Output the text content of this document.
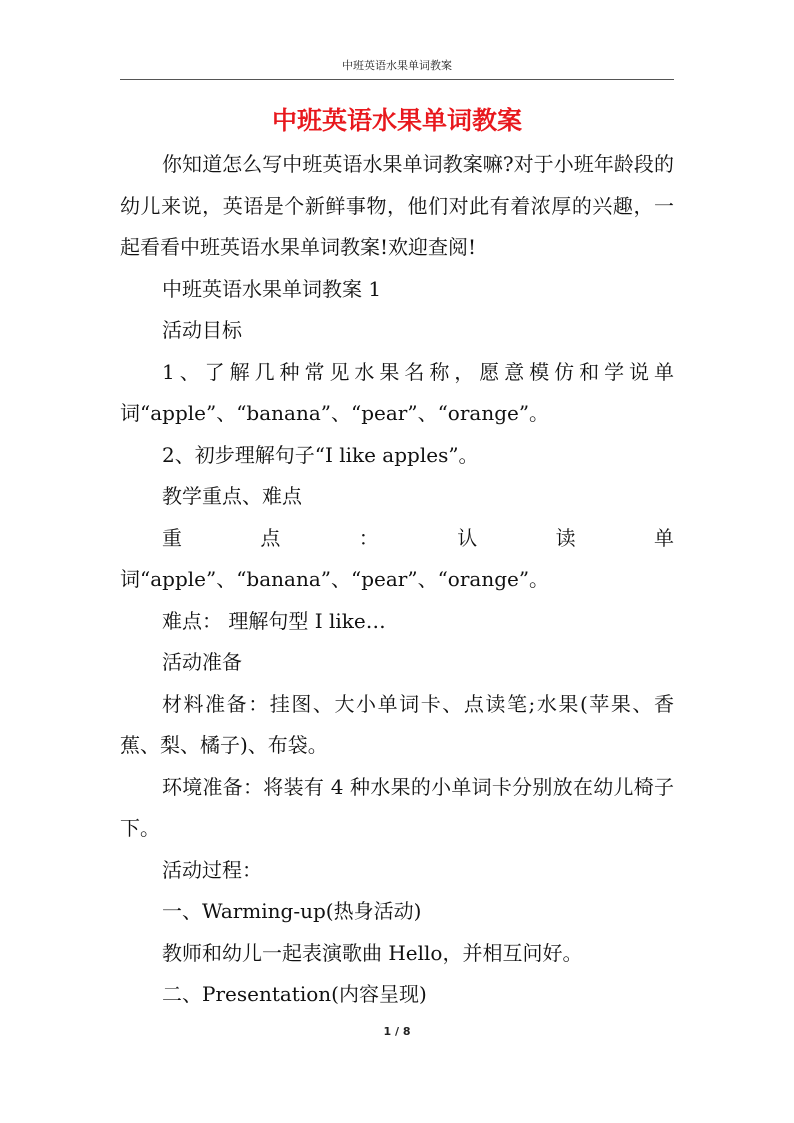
中班英语水果单词教案
中班英语水果单词教案

你知道怎么写中班英语水果单词教案嘛?对于小班年龄段的幼儿来说，英语是个新鲜事物，他们对此有着浓厚的兴趣，一起看看中班英语水果单词教案!欢迎查阅!

中班英语水果单词教案 1

活动目标

1、了解几种常见水果名称，愿意模仿和学说单词“apple”、“banana”、“pear”、“orange”。

2、初步理解句子“I like apples”。

教学重点、难点

重点：认读单词“apple”、“banana”、“pear”、“orange”。

难点： 理解句型 I like…

活动准备

材料准备：挂图、大小单词卡、点读笔;水果(苹果、香蕉、梨、橘子)、布袋。

环境准备：将装有 4 种水果的小单词卡分别放在幼儿椅子下。

活动过程：

一、Warming-up(热身活动)

教师和幼儿一起表演歌曲 Hello，并相互问好。

二、Presentation(内容呈现)

1 / 8
